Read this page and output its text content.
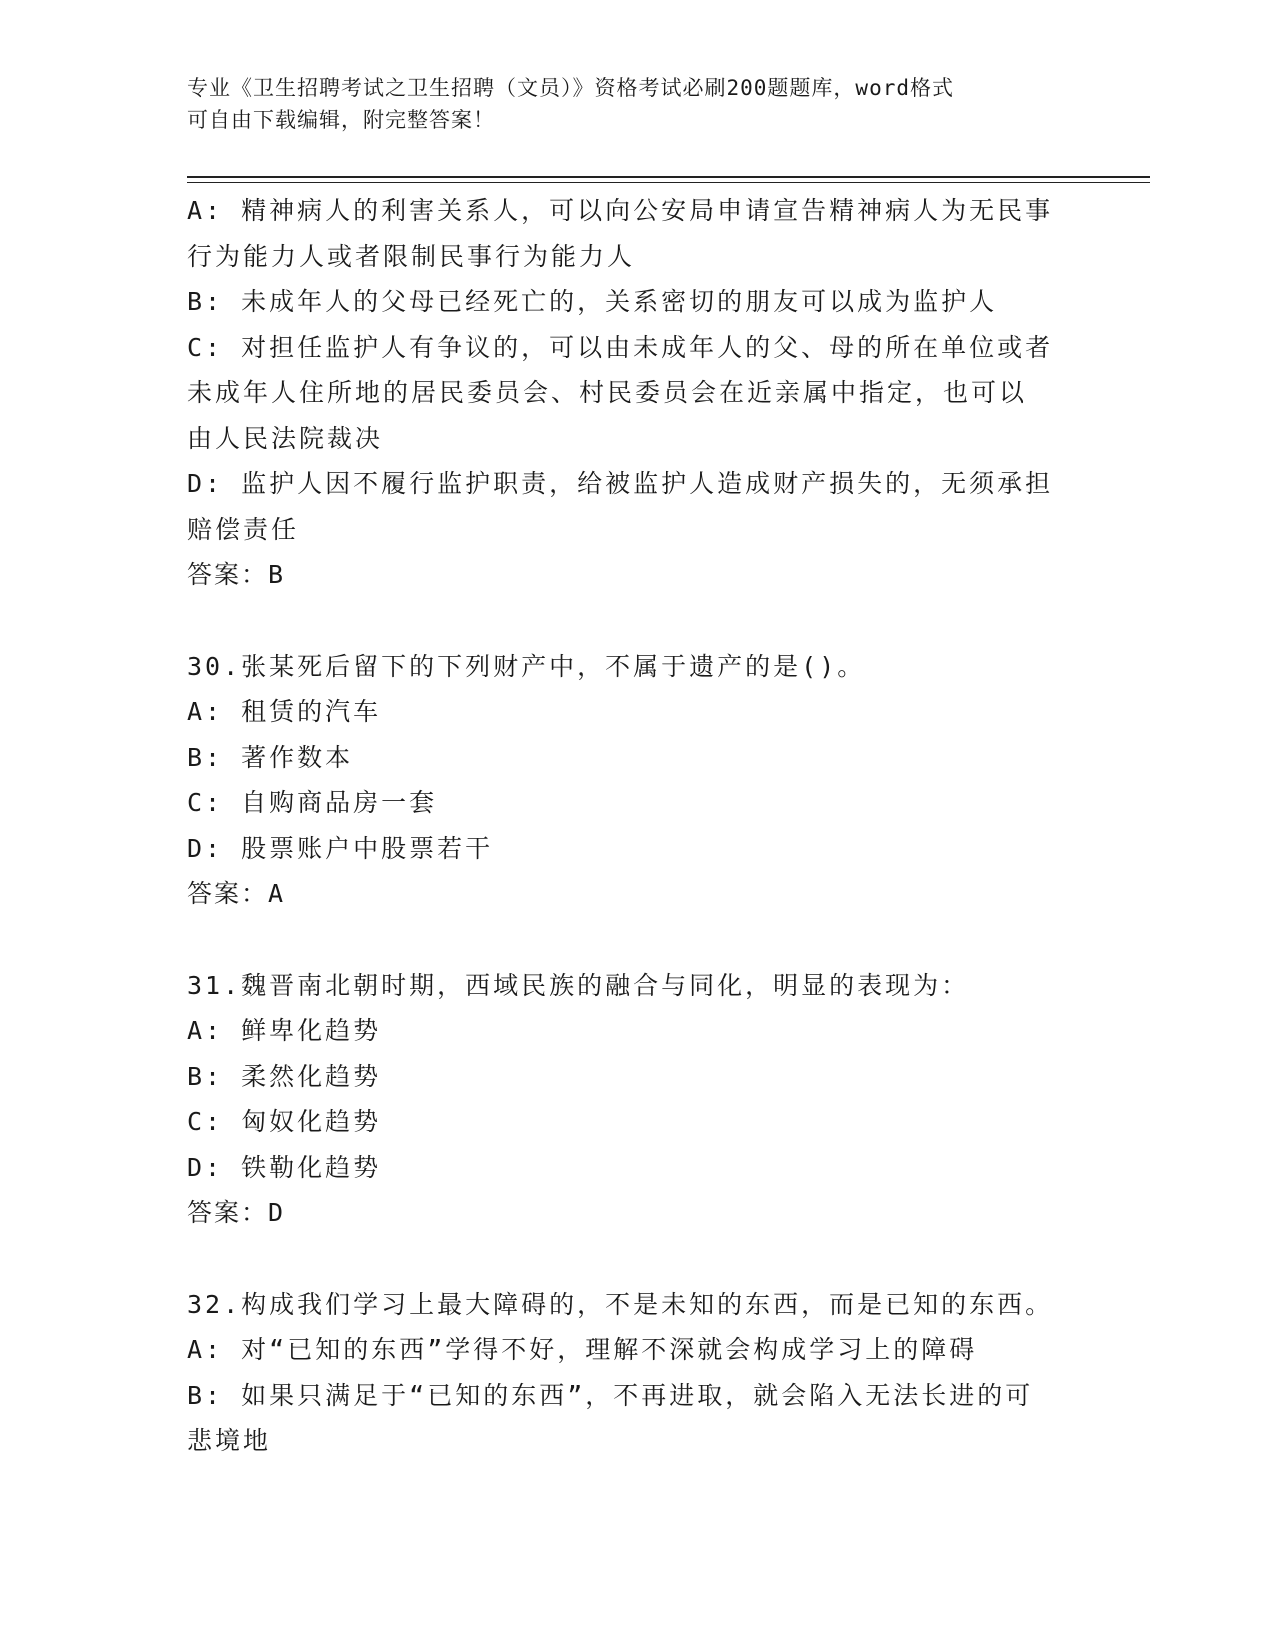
专业《卫生招聘考试之卫生招聘（文员）》资格考试必刷200题题库，word格式
可自由下载编辑，附完整答案！
A: 精神病人的利害关系人，可以向公安局申请宣告精神病人为无民事
行为能力人或者限制民事行为能力人
B: 未成年人的父母已经死亡的，关系密切的朋友可以成为监护人
C: 对担任监护人有争议的，可以由未成年人的父、母的所在单位或者
未成年人住所地的居民委员会、村民委员会在近亲属中指定，也可以
由人民法院裁决
D: 监护人因不履行监护职责，给被监护人造成财产损失的，无须承担
赔偿责任
答案：B
30.张某死后留下的下列财产中，不属于遗产的是()。
A: 租赁的汽车
B: 著作数本
C: 自购商品房一套
D: 股票账户中股票若干
答案：A
31.魏晋南北朝时期，西域民族的融合与同化，明显的表现为：
A: 鲜卑化趋势
B: 柔然化趋势
C: 匈奴化趋势
D: 铁勒化趋势
答案：D
32.构成我们学习上最大障碍的，不是未知的东西，而是已知的东西。
A: 对“已知的东西”学得不好，理解不深就会构成学习上的障碍
B: 如果只满足于“已知的东西”，不再进取，就会陷入无法长进的可
悲境地
